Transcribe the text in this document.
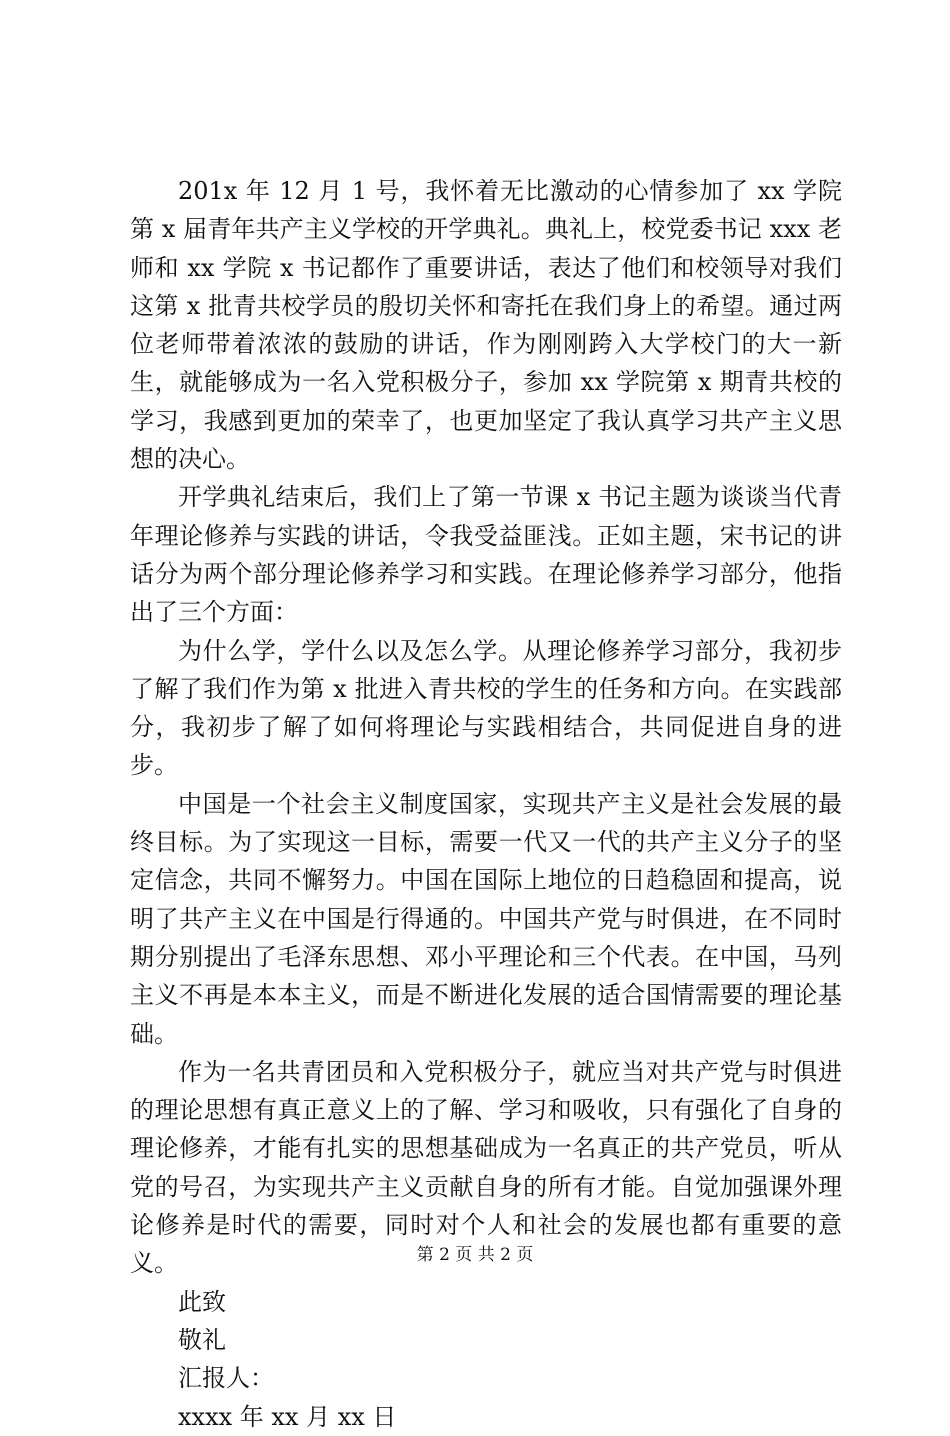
201x 年 12 月 1 号，我怀着无比激动的心情参加了 xx 学院第 x 届青年共产主义学校的开学典礼。典礼上，校党委书记 xxx 老师和 xx 学院 x 书记都作了重要讲话，表达了他们和校领导对我们这第 x 批青共校学员的殷切关怀和寄托在我们身上的希望。通过两位老师带着浓浓的鼓励的讲话，作为刚刚跨入大学校门的大一新生，就能够成为一名入党积极分子，参加 xx 学院第 x 期青共校的学习，我感到更加的荣幸了，也更加坚定了我认真学习共产主义思想的决心。

开学典礼结束后，我们上了第一节课 x 书记主题为谈谈当代青年理论修养与实践的讲话，令我受益匪浅。正如主题，宋书记的讲话分为两个部分理论修养学习和实践。在理论修养学习部分，他指出了三个方面：

为什么学，学什么以及怎么学。从理论修养学习部分，我初步了解了我们作为第 x 批进入青共校的学生的任务和方向。在实践部分，我初步了解了如何将理论与实践相结合，共同促进自身的进步。

中国是一个社会主义制度国家，实现共产主义是社会发展的最终目标。为了实现这一目标，需要一代又一代的共产主义分子的坚定信念，共同不懈努力。中国在国际上地位的日趋稳固和提高，说明了共产主义在中国是行得通的。中国共产党与时俱进，在不同时期分别提出了毛泽东思想、邓小平理论和三个代表。在中国，马列主义不再是本本主义，而是不断进化发展的适合国情需要的理论基础。

作为一名共青团员和入党积极分子，就应当对共产党与时俱进的理论思想有真正意义上的了解、学习和吸收，只有强化了自身的理论修养，才能有扎实的思想基础成为一名真正的共产党员，听从党的号召，为实现共产主义贡献自身的所有才能。自觉加强课外理论修养是时代的需要，同时对个人和社会的发展也都有重要的意义。

此致

敬礼

汇报人：

xxxx 年 xx 月 xx 日

第 2 页 共 2 页
